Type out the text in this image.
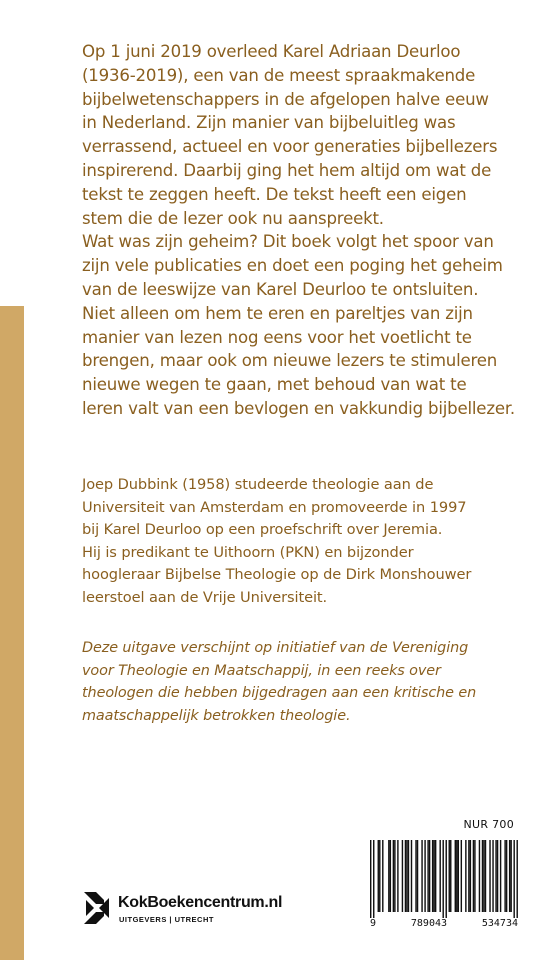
Op 1 juni 2019 overleed Karel Adriaan Deurloo
(1936-2019), een van de meest spraakmakende
bijbelwetenschappers in de afgelopen halve eeuw
in Nederland. Zijn manier van bijbeluitleg was
verrassend, actueel en voor generaties bijbellezers
inspirerend. Daarbij ging het hem altijd om wat de
tekst te zeggen heeft. De tekst heeft een eigen
stem die de lezer ook nu aanspreekt.
Wat was zijn geheim? Dit boek volgt het spoor van
zijn vele publicaties en doet een poging het geheim
van de leeswijze van Karel Deurloo te ontsluiten.
Niet alleen om hem te eren en pareltjes van zijn
manier van lezen nog eens voor het voetlicht te
brengen, maar ook om nieuwe lezers te stimuleren
nieuwe wegen te gaan, met behoud van wat te
leren valt van een bevlogen en vakkundig bijbellezer.
Joep Dubbink (1958) studeerde theologie aan de
Universiteit van Amsterdam en promoveerde in 1997
bij Karel Deurloo op een proefschrift over Jeremia.
Hij is predikant te Uithoorn (PKN) en bijzonder
hoogleraar Bijbelse Theologie op de Dirk Monshouwer
leerstoel aan de Vrije Universiteit.
Deze uitgave verschijnt op initiatief van de Vereniging
voor Theologie en Maatschappij, in een reeks over
theologen die hebben bijgedragen aan een kritische en
maatschappelijk betrokken theologie.
KokBoekencentrum.nl
UITGEVERS | UTRECHT
NUR 700
9	789043	534734
